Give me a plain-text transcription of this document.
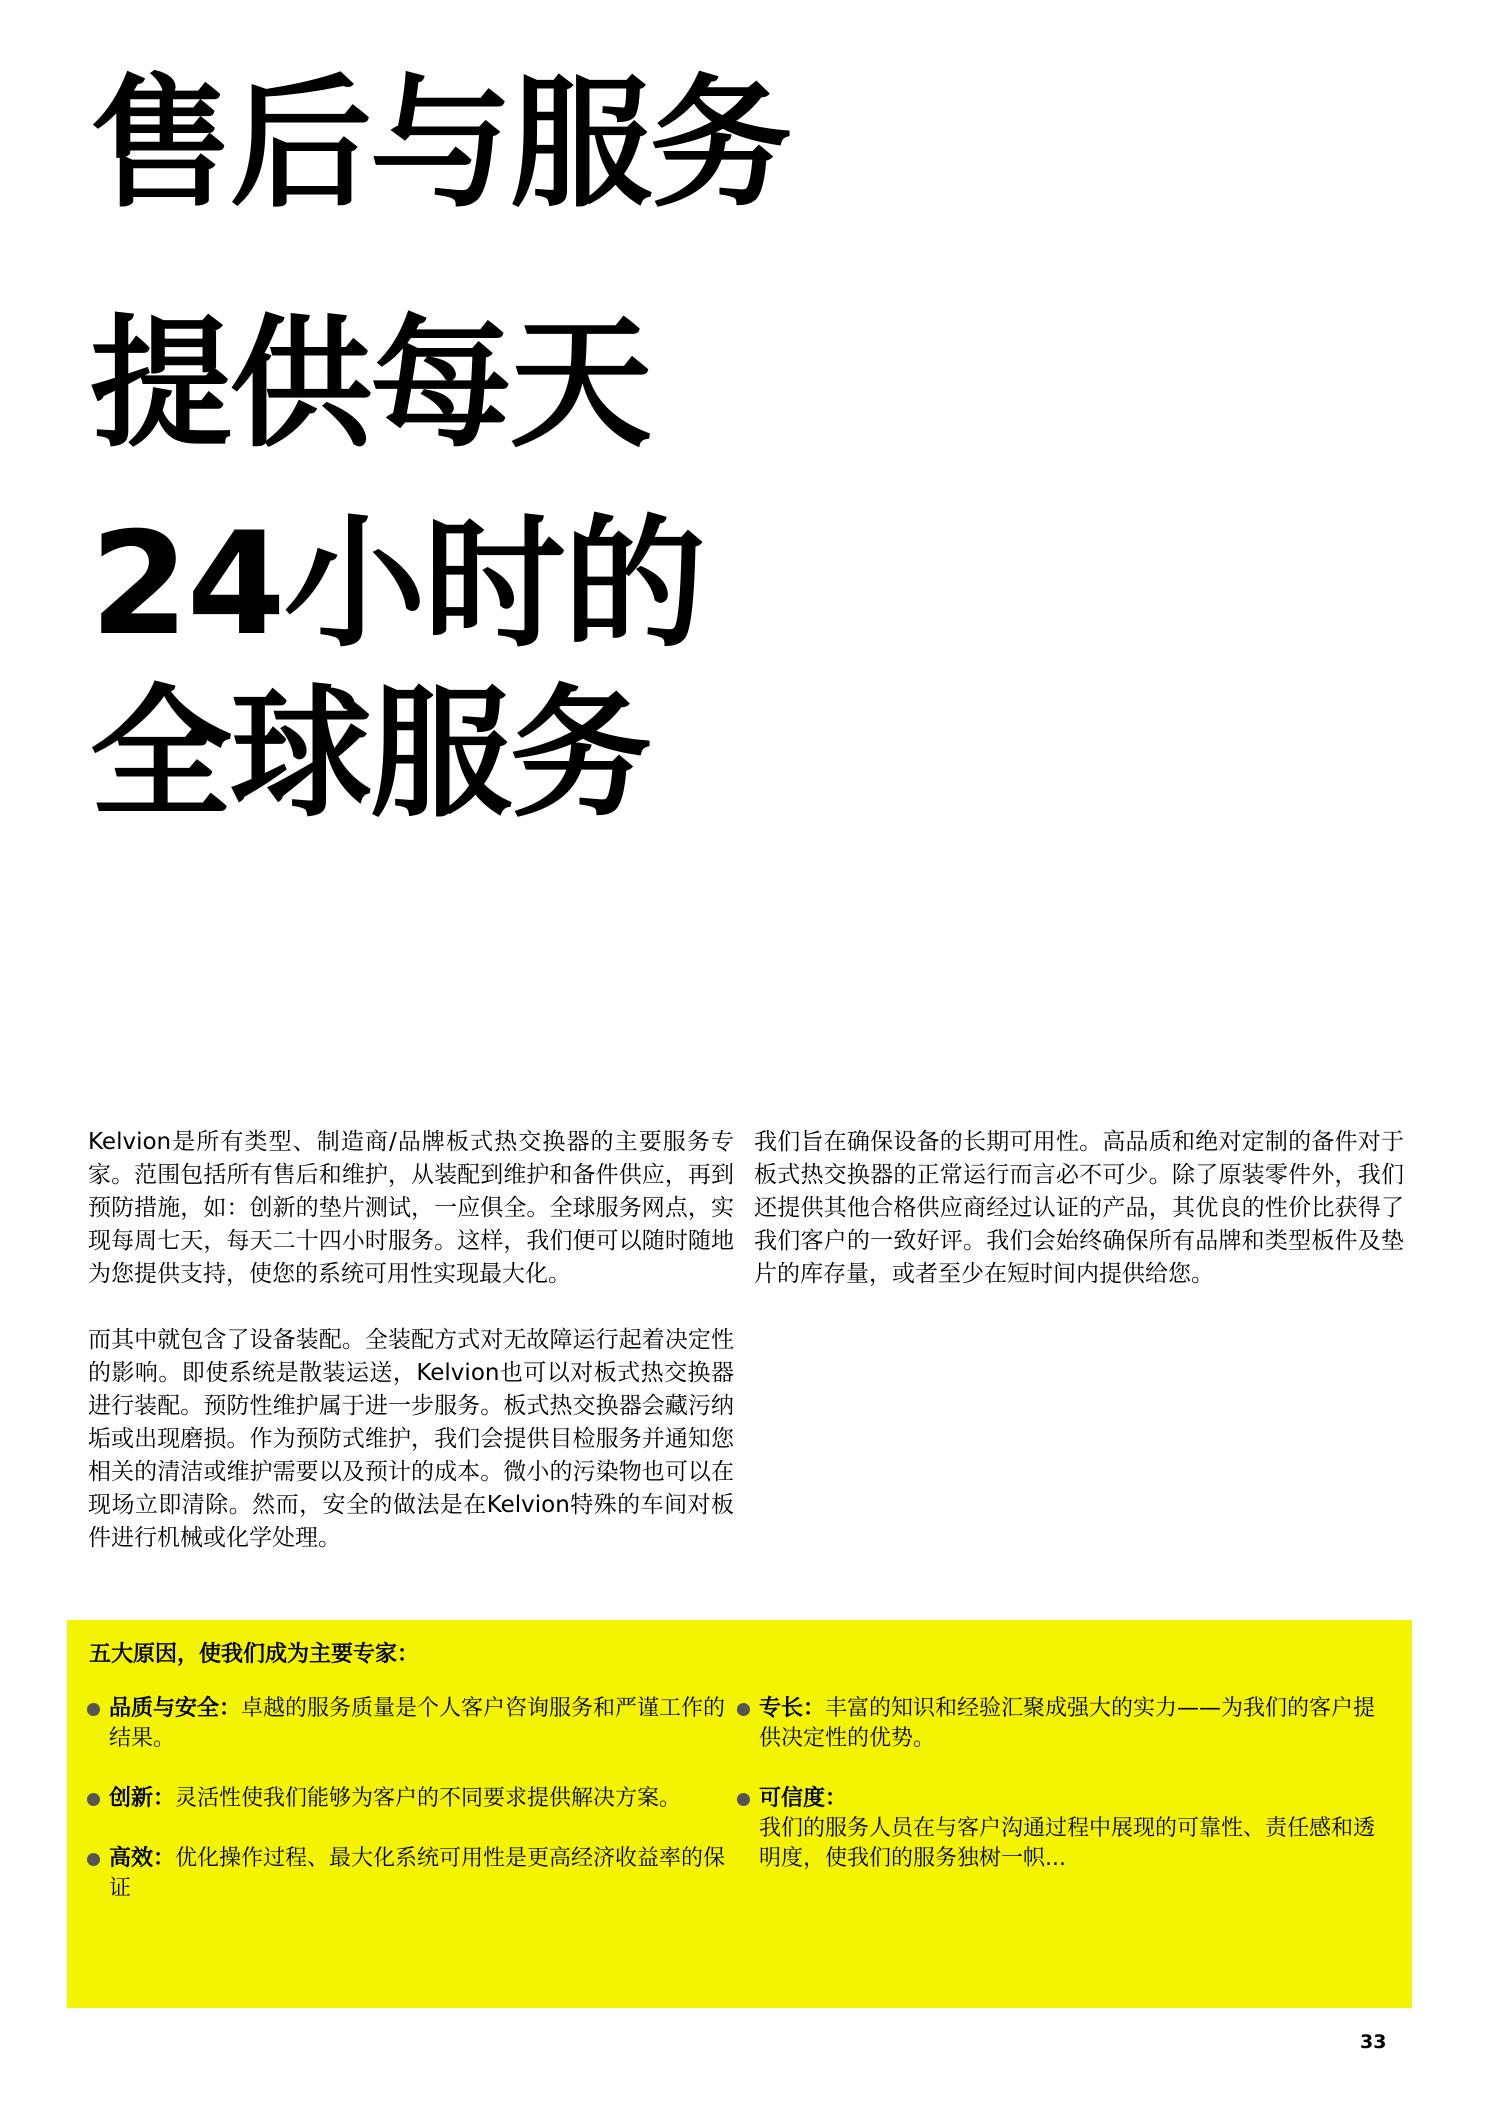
售后与服务
提供每天
24小时的
全球服务

Kelvion是所有类型、制造商/品牌板式热交换器的主要服务专家。范围包括所有售后和维护，从装配到维护和备件供应，再到预防措施，如：创新的垫片测试，一应俱全。全球服务网点，实现每周七天，每天二十四小时服务。这样，我们便可以随时随地为您提供支持，使您的系统可用性实现最大化。

而其中就包含了设备装配。全装配方式对无故障运行起着决定性的影响。即使系统是散装运送，Kelvion也可以对板式热交换器进行装配。预防性维护属于进一步服务。板式热交换器会藏污纳垢或出现磨损。作为预防式维护，我们会提供目检服务并通知您相关的清洁或维护需要以及预计的成本。微小的污染物也可以在现场立即清除。然而，安全的做法是在Kelvion特殊的车间对板件进行机械或化学处理。

我们旨在确保设备的长期可用性。高品质和绝对定制的备件对于板式热交换器的正常运行而言必不可少。除了原装零件外，我们还提供其他合格供应商经过认证的产品，其优良的性价比获得了我们客户的一致好评。我们会始终确保所有品牌和类型板件及垫片的库存量，或者至少在短时间内提供给您。

五大原因，使我们成为主要专家：
品质与安全：卓越的服务质量是个人客户咨询服务和严谨工作的结果。
创新：灵活性使我们能够为客户的不同要求提供解决方案。
高效：优化操作过程、最大化系统可用性是更高经济收益率的保证
专长：丰富的知识和经验汇聚成强大的实力——为我们的客户提供决定性的优势。
可信度：
我们的服务人员在与客户沟通过程中展现的可靠性、责任感和透明度，使我们的服务独树一帜...
33
